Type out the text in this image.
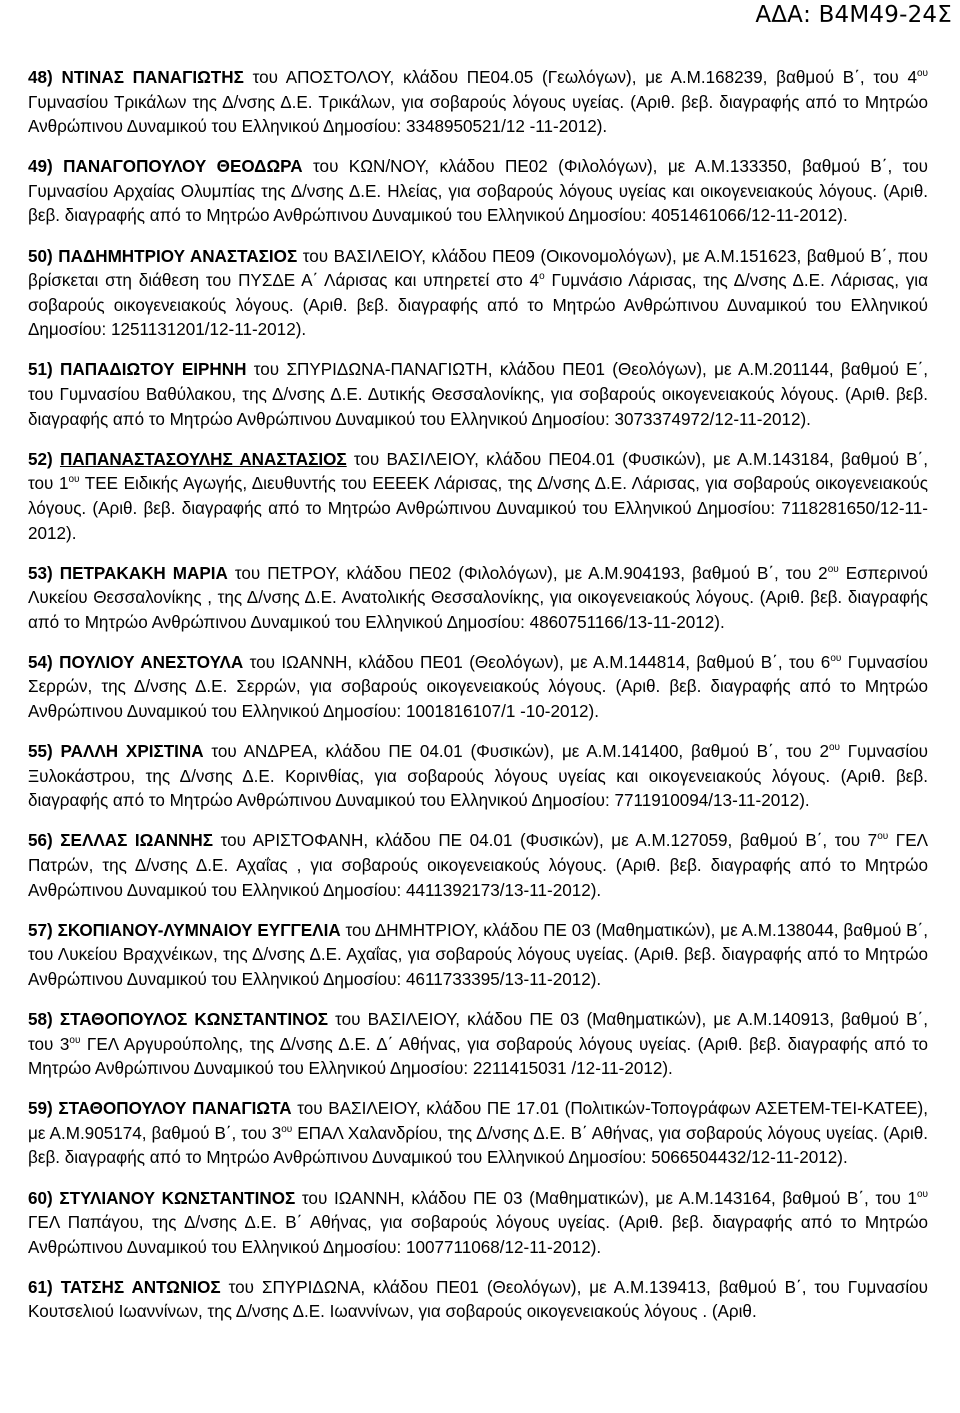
ΑΔΑ: Β4Μ49-24Σ

48) ΝΤΙΝΑΣ ΠΑΝΑΓΙΩΤΗΣ του ΑΠΟΣΤΟΛΟΥ, κλάδου ΠΕ04.05 (Γεωλόγων), με Α.Μ.168239, βαθμού Β΄, του $4^{o\upsilon}$ Γυμνασίου Τρικάλων της Δ/νσης Δ.Ε. Τρικάλων, για σοβαρούς λόγους υγείας. (Αριθ. βεβ. διαγραφής από το Μητρώο Ανθρώπινου Δυναμικού του Ελληνικού Δημοσίου: 3348950521/12 -11-2012).

49) ΠΑΝΑΓΟΠΟΥΛΟΥ ΘΕΟΔΩΡΑ του ΚΩΝ/ΝΟΥ, κλάδου ΠΕ02 (Φιλολόγων), με Α.Μ.133350, βαθμού Β΄, του Γυμνασίου Αρχαίας Ολυμπίας της Δ/νσης Δ.Ε. Ηλείας, για σοβαρούς λόγους υγείας και οικογενειακούς λόγους. (Αριθ. βεβ. διαγραφής από το Μητρώο Ανθρώπινου Δυναμικού του Ελληνικού Δημοσίου: 4051461066/12-11-2012).

50) ΠΑΔΗΜΗΤΡΙΟΥ ΑΝΑΣΤΑΣΙΟΣ του ΒΑΣΙΛΕΙΟΥ, κλάδου ΠΕ09 (Οικονομολόγων), με Α.Μ.151623, βαθμού Β΄, που βρίσκεται στη διάθεση του ΠΥΣΔΕ Α΄ Λάρισας και υπηρετεί στο $4^o$ Γυμνάσιο Λάρισας, της Δ/νσης Δ.Ε. Λάρισας, για σοβαρούς οικογενειακούς λόγους. (Αριθ. βεβ. διαγραφής από το Μητρώο Ανθρώπινου Δυναμικού του Ελληνικού Δημοσίου: 1251131201/12-11-2012).

51) ΠΑΠΑΔΙΩΤΟΥ ΕΙΡΗΝΗ του ΣΠΥΡΙΔΩΝΑ-ΠΑΝΑΓΙΩΤΗ, κλάδου ΠΕ01 (Θεολόγων), με Α.Μ.201144, βαθμού Ε΄, του Γυμνασίου Βαθύλακου, της Δ/νσης Δ.Ε. Δυτικής Θεσσαλονίκης, για σοβαρούς οικογενειακούς λόγους. (Αριθ. βεβ. διαγραφής από το Μητρώο Ανθρώπινου Δυναμικού του Ελληνικού Δημοσίου: 3073374972/12-11-2012).

52) ΠΑΠΑΝΑΣΤΑΣΟΥΛΗΣ ΑΝΑΣΤΑΣΙΟΣ του ΒΑΣΙΛΕΙΟΥ, κλάδου ΠΕ04.01 (Φυσικών), με Α.Μ.143184, βαθμού Β΄, του $1^{o\upsilon}$ ΤΕΕ Ειδικής Αγωγής, Διευθυντής του ΕΕΕΕΚ Λάρισας, της Δ/νσης Δ.Ε. Λάρισας, για σοβαρούς οικογενειακούς λόγους. (Αριθ. βεβ. διαγραφής από το Μητρώο Ανθρώπινου Δυναμικού του Ελληνικού Δημοσίου: 7118281650/12-11-2012).

53) ΠΕΤΡΑΚΑΚΗ ΜΑΡΙΑ του ΠΕΤΡΟΥ, κλάδου ΠΕ02 (Φιλολόγων), με Α.Μ.904193, βαθμού Β΄, του $2^{o\upsilon}$ Εσπερινού Λυκείου Θεσσαλονίκης , της Δ/νσης Δ.Ε. Ανατολικής Θεσσαλονίκης, για οικογενειακούς λόγους. (Αριθ. βεβ. διαγραφής από το Μητρώο Ανθρώπινου Δυναμικού του Ελληνικού Δημοσίου: 4860751166/13-11-2012).

54) ΠΟΥΛΙΟΥ ΑΝΕΣΤΟΥΛΑ του ΙΩΑΝΝΗ, κλάδου ΠΕ01 (Θεολόγων), με Α.Μ.144814, βαθμού Β΄, του $6^{o\upsilon}$ Γυμνασίου Σερρών, της Δ/νσης Δ.Ε. Σερρών, για σοβαρούς οικογενειακούς λόγους. (Αριθ. βεβ. διαγραφής από το Μητρώο Ανθρώπινου Δυναμικού του Ελληνικού Δημοσίου: 1001816107/1 -10-2012).

55) ΡΑΛΛΗ ΧΡΙΣΤΙΝΑ του ΑΝΔΡΕΑ, κλάδου ΠΕ 04.01 (Φυσικών), με Α.Μ.141400, βαθμού Β΄, του $2^{o\upsilon}$ Γυμνασίου Ξυλοκάστρου, της Δ/νσης Δ.Ε. Κορινθίας, για σοβαρούς λόγους υγείας και οικογενειακούς λόγους. (Αριθ. βεβ. διαγραφής από το Μητρώο Ανθρώπινου Δυναμικού του Ελληνικού Δημοσίου: 7711910094/13-11-2012).

56) ΣΕΛΛΑΣ ΙΩΑΝΝΗΣ του ΑΡΙΣΤΟΦΑΝΗ, κλάδου ΠΕ 04.01 (Φυσικών), με Α.Μ.127059, βαθμού Β΄, του $7^{o\upsilon}$ ΓΕΛ Πατρών, της Δ/νσης Δ.Ε. Αχαΐας , για σοβαρούς οικογενειακούς λόγους. (Αριθ. βεβ. διαγραφής από το Μητρώο Ανθρώπινου Δυναμικού του Ελληνικού Δημοσίου: 4411392173/13-11-2012).

57) ΣΚΟΠΙΑΝΟΥ-ΛΥΜΝΑΙΟΥ ΕΥΓΓΕΛΙΑ του ΔΗΜΗΤΡΙΟΥ, κλάδου ΠΕ 03 (Μαθηματικών), με Α.Μ.138044, βαθμού Β΄, του Λυκείου Βραχνέικων, της Δ/νσης Δ.Ε. Αχαΐας, για σοβαρούς λόγους υγείας. (Αριθ. βεβ. διαγραφής από το Μητρώο Ανθρώπινου Δυναμικού του Ελληνικού Δημοσίου: 4611733395/13-11-2012).

58) ΣΤΑΘΟΠΟΥΛΟΣ ΚΩΝΣΤΑΝΤΙΝΟΣ του ΒΑΣΙΛΕΙΟΥ, κλάδου ΠΕ 03 (Μαθηματικών), με Α.Μ.140913, βαθμού Β΄, του $3^{o\upsilon}$ ΓΕΛ Αργυρούπολης, της Δ/νσης Δ.Ε. Δ΄ Αθήνας, για σοβαρούς λόγους υγείας. (Αριθ. βεβ. διαγραφής από το Μητρώο Ανθρώπινου Δυναμικού του Ελληνικού Δημοσίου: 2211415031 /12-11-2012).

59) ΣΤΑΘΟΠΟΥΛΟΥ ΠΑΝΑΓΙΩΤΑ του ΒΑΣΙΛΕΙΟΥ, κλάδου ΠΕ 17.01 (Πολιτικών-Τοπογράφων ΑΣΕΤΕΜ-ΤΕΙ-ΚΑΤΕΕ), με Α.Μ.905174, βαθμού Β΄, του $3^{o\upsilon}$ ΕΠΑΛ Χαλανδρίου, της Δ/νσης Δ.Ε. Β΄ Αθήνας, για σοβαρούς λόγους υγείας. (Αριθ. βεβ. διαγραφής από το Μητρώο Ανθρώπινου Δυναμικού του Ελληνικού Δημοσίου: 5066504432/12-11-2012).

60) ΣΤΥΛΙΑΝΟΥ ΚΩΝΣΤΑΝΤΙΝΟΣ του ΙΩΑΝΝΗ, κλάδου ΠΕ 03 (Μαθηματικών), με Α.Μ.143164, βαθμού Β΄, του $1^{o\upsilon}$ ΓΕΛ Παπάγου, της Δ/νσης Δ.Ε. Β΄ Αθήνας, για σοβαρούς λόγους υγείας. (Αριθ. βεβ. διαγραφής από το Μητρώο Ανθρώπινου Δυναμικού του Ελληνικού Δημοσίου: 1007711068/12-11-2012).

61) ΤΑΤΣΗΣ ΑΝΤΩΝΙΟΣ του ΣΠΥΡΙΔΩΝΑ, κλάδου ΠΕ01 (Θεολόγων), με Α.Μ.139413, βαθμού Β΄, του Γυμνασίου Κουτσελιού Ιωαννίνων, της Δ/νσης Δ.Ε. Ιωαννίνων, για σοβαρούς οικογενειακούς λόγους . (Αριθ.
